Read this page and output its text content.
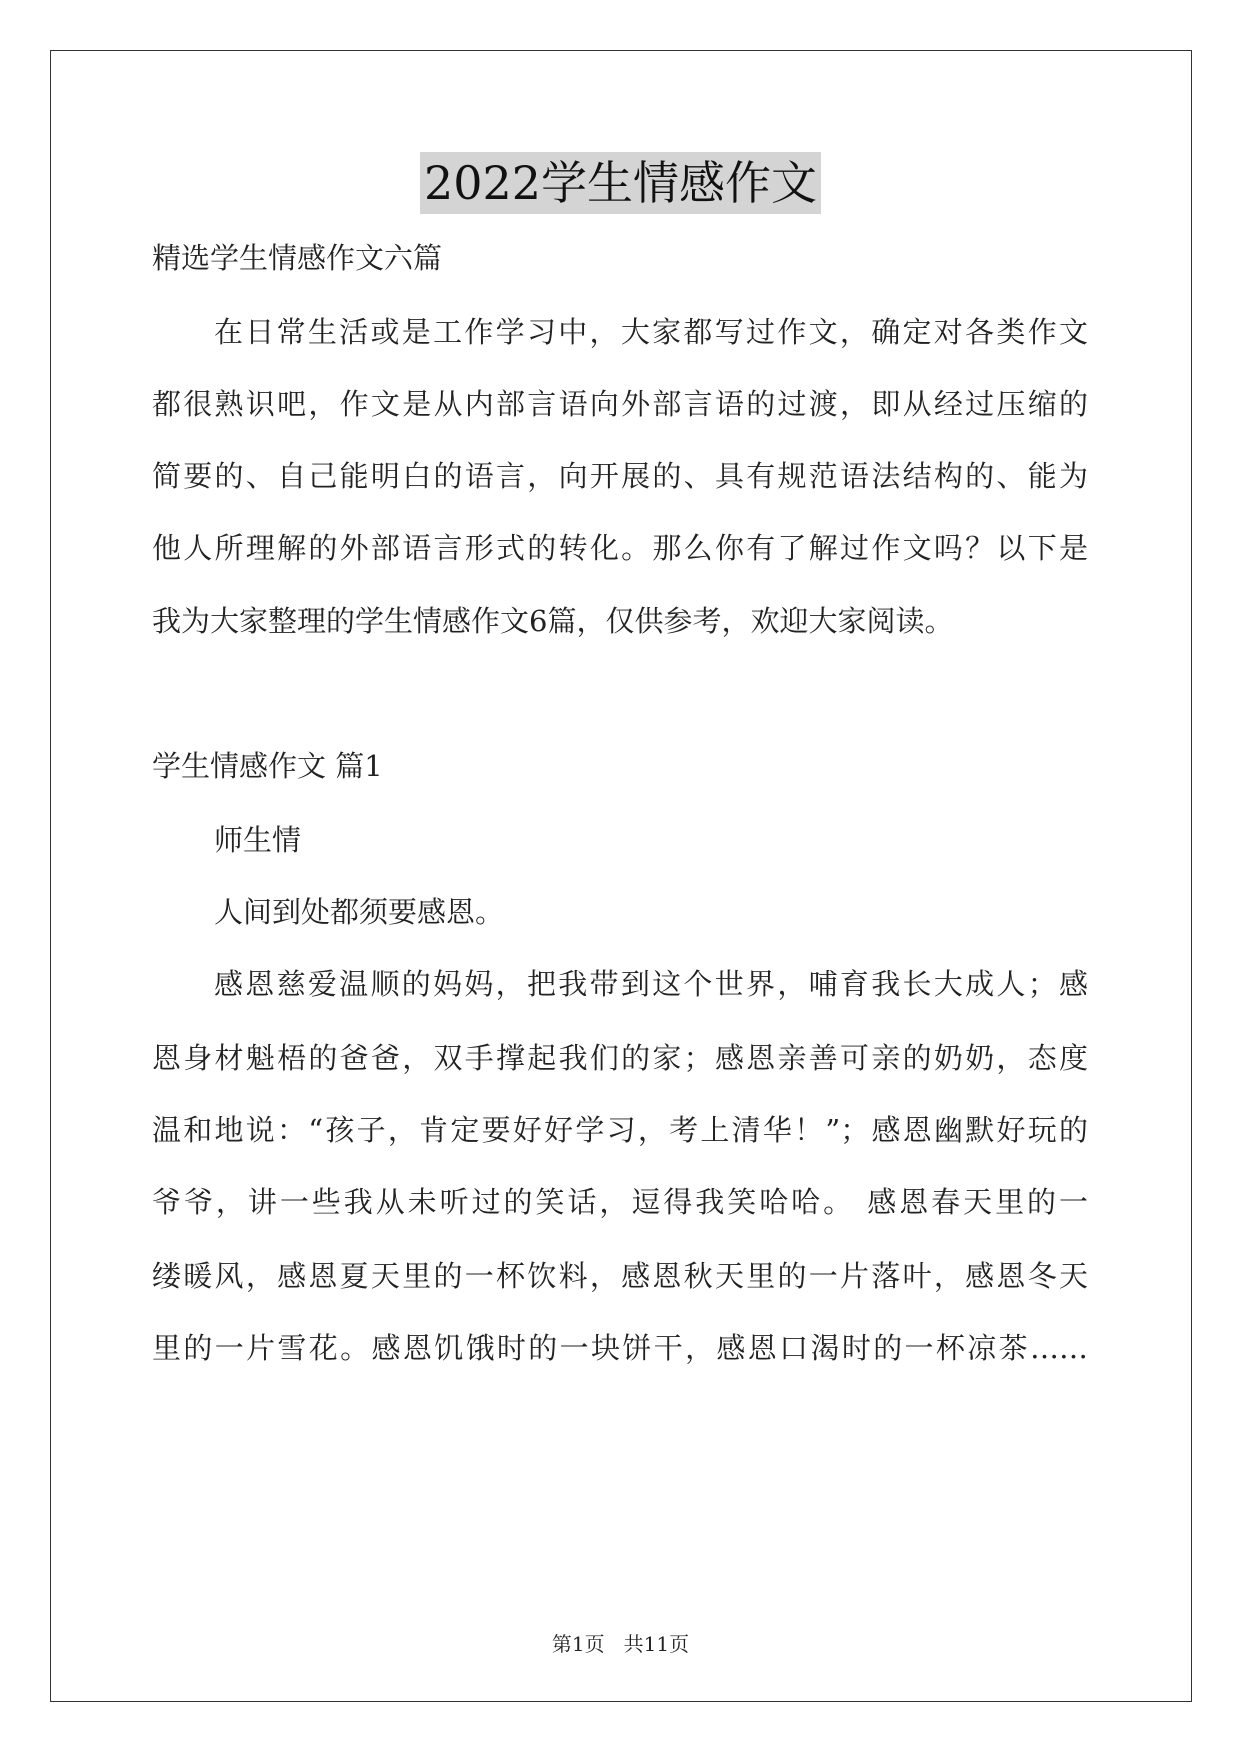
2022学生情感作文
精选学生情感作文六篇
在日常生活或是工作学习中，大家都写过作文，确定对各类作文
都很熟识吧，作文是从内部言语向外部言语的过渡，即从经过压缩的
简要的、自己能明白的语言，向开展的、具有规范语法结构的、能为
他人所理解的外部语言形式的转化。那么你有了解过作文吗？以下是
我为大家整理的学生情感作文6篇，仅供参考，欢迎大家阅读。
学生情感作文 篇1
师生情
人间到处都须要感恩。
感恩慈爱温顺的妈妈，把我带到这个世界，哺育我长大成人；感
恩身材魁梧的爸爸，双手撑起我们的家；感恩亲善可亲的奶奶，态度
温和地说：“孩子，肯定要好好学习，考上清华！”；感恩幽默好玩的
爷爷，讲一些我从未听过的笑话，逗得我笑哈哈。 感恩春天里的一
缕暖风，感恩夏天里的一杯饮料，感恩秋天里的一片落叶，感恩冬天
里的一片雪花。感恩饥饿时的一块饼干，感恩口渴时的一杯凉茶……
第1页   共11页
